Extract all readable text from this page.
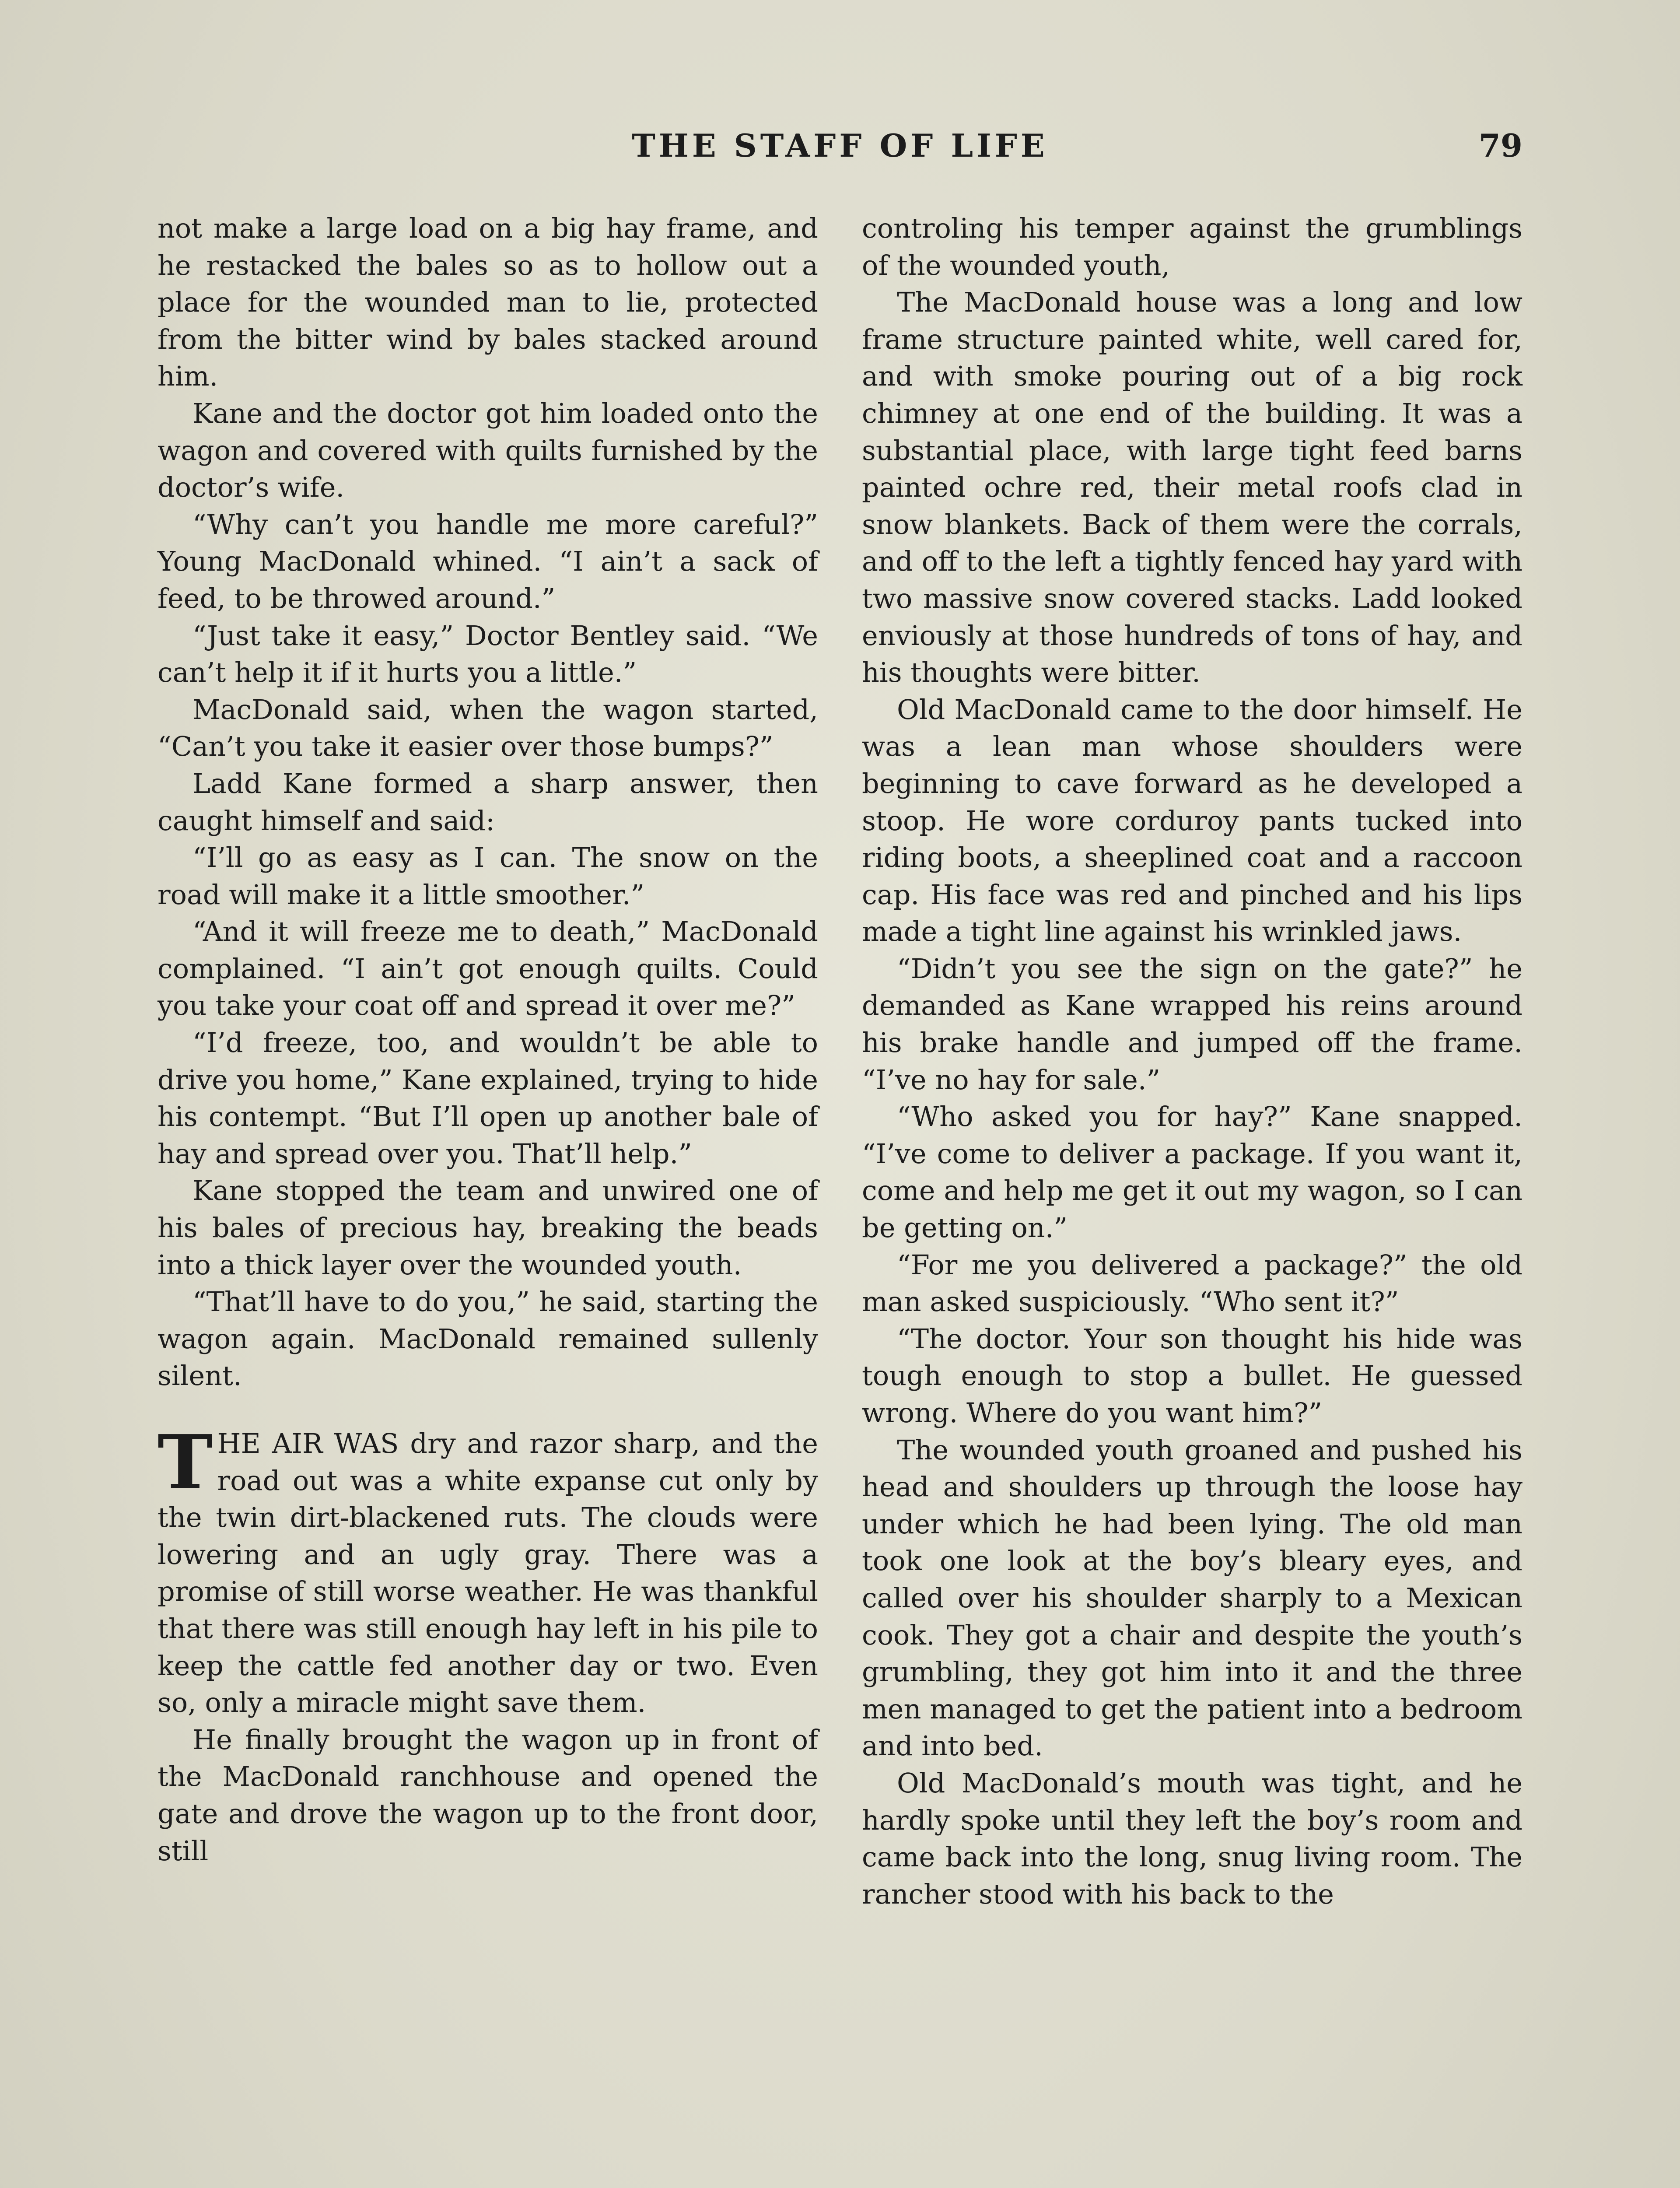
THE STAFF OF LIFE	79

not make a large load on a big hay frame, and he restacked the bales so as to hollow out a place for the wounded man to lie, protected from the bitter wind by bales stacked around him.

Kane and the doctor got him loaded onto the wagon and covered with quilts furnished by the doctor’s wife.

“Why can’t you handle me more careful?” Young MacDonald whined. “I ain’t a sack of feed, to be throwed around.”

“Just take it easy,” Doctor Bentley said. “We can’t help it if it hurts you a little.”

MacDonald said, when the wagon started, “Can’t you take it easier over those bumps?”

Ladd Kane formed a sharp answer, then caught himself and said:

“I’ll go as easy as I can. The snow on the road will make it a little smoother.”

“And it will freeze me to death,” MacDonald complained. “I ain’t got enough quilts. Could you take your coat off and spread it over me?”

“I’d freeze, too, and wouldn’t be able to drive you home,” Kane explained, trying to hide his contempt. “But I’ll open up another bale of hay and spread over you. That’ll help.”

Kane stopped the team and unwired one of his bales of precious hay, breaking the beads into a thick layer over the wounded youth.

“That’ll have to do you,” he said, starting the wagon again. MacDonald remained sullenly silent.

THE AIR WAS dry and razor sharp, and the road out was a white expanse cut only by the twin dirt-blackened ruts. The clouds were lowering and an ugly gray. There was a promise of still worse weather. He was thankful that there was still enough hay left in his pile to keep the cattle fed another day or two. Even so, only a miracle might save them.

He finally brought the wagon up in front of the MacDonald ranchhouse and opened the gate and drove the wagon up to the front door, still

controling his temper against the grumblings of the wounded youth,

The MacDonald house was a long and low frame structure painted white, well cared for, and with smoke pouring out of a big rock chimney at one end of the building. It was a substantial place, with large tight feed barns painted ochre red, their metal roofs clad in snow blankets. Back of them were the corrals, and off to the left a tightly fenced hay yard with two massive snow covered stacks. Ladd looked enviously at those hundreds of tons of hay, and his thoughts were bitter.

Old MacDonald came to the door himself. He was a lean man whose shoulders were beginning to cave forward as he developed a stoop. He wore corduroy pants tucked into riding boots, a sheeplined coat and a raccoon cap. His face was red and pinched and his lips made a tight line against his wrinkled jaws.

“Didn’t you see the sign on the gate?” he demanded as Kane wrapped his reins around his brake handle and jumped off the frame. “I’ve no hay for sale.”

“Who asked you for hay?” Kane snapped. “I’ve come to deliver a package. If you want it, come and help me get it out my wagon, so I can be getting on.”

“For me you delivered a package?” the old man asked suspiciously. “Who sent it?”

“The doctor. Your son thought his hide was tough enough to stop a bullet. He guessed wrong. Where do you want him?”

The wounded youth groaned and pushed his head and shoulders up through the loose hay under which he had been lying. The old man took one look at the boy’s bleary eyes, and called over his shoulder sharply to a Mexican cook. They got a chair and despite the youth’s grumbling, they got him into it and the three men managed to get the patient into a bedroom and into bed.

Old MacDonald’s mouth was tight, and he hardly spoke until they left the boy’s room and came back into the long, snug living room. The rancher stood with his back to the
